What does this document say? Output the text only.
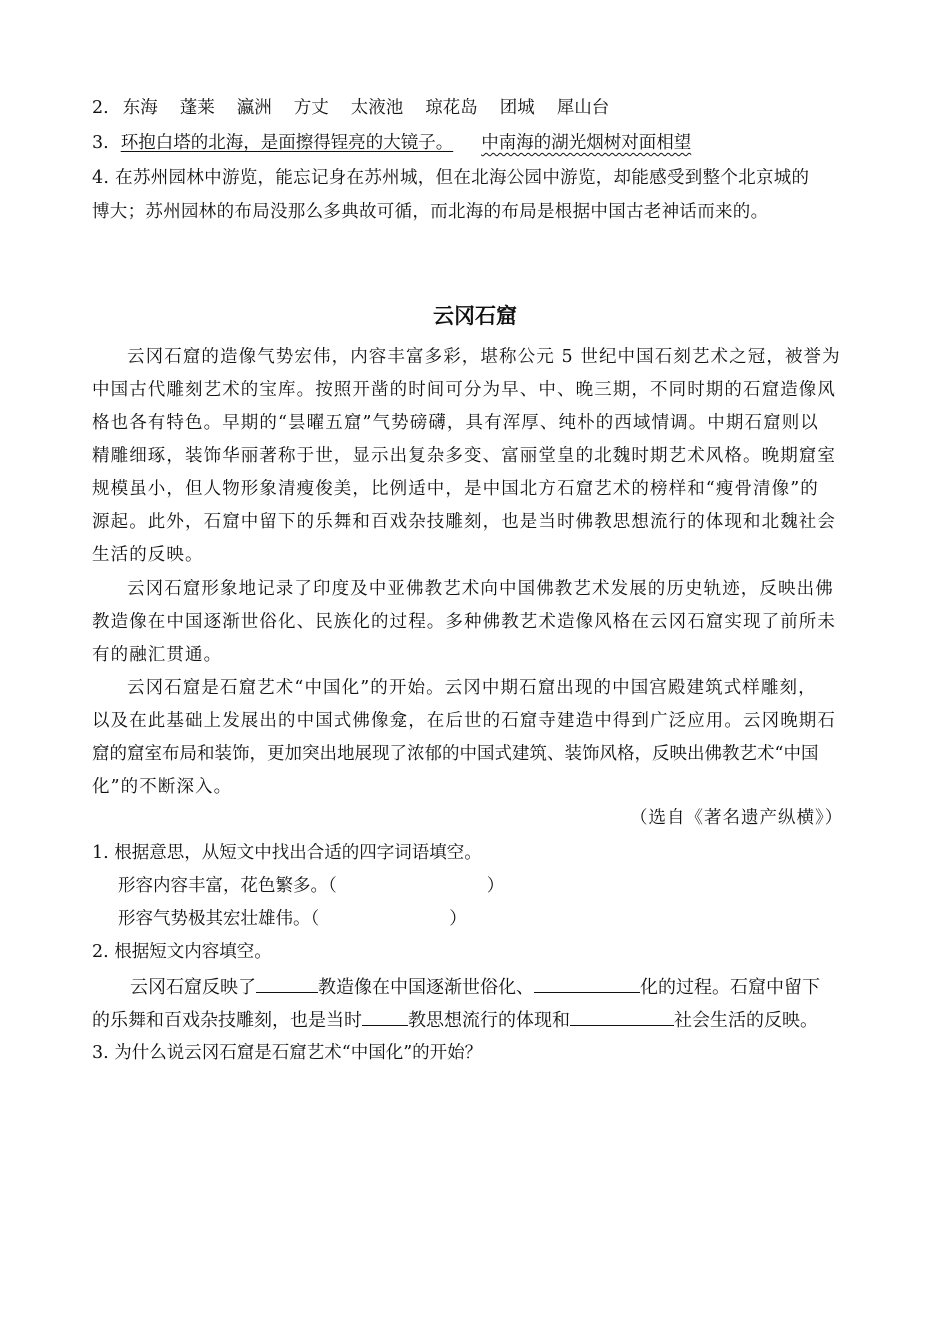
2. 东海 蓬莱 瀛洲 方丈 太液池 琼花岛 团城 犀山台
3. 环抱白塔的北海，是面擦得锃亮的大镜子。 中南海的湖光烟树对面相望
4. 在苏州园林中游览，能忘记身在苏州城，但在北海公园中游览，却能感受到整个北京城的
博大；苏州园林的布局没那么多典故可循，而北海的布局是根据中国古老神话而来的。
云冈石窟
云冈石窟的造像气势宏伟，内容丰富多彩，堪称公元 5 世纪中国石刻艺术之冠，被誉为
中国古代雕刻艺术的宝库。按照开凿的时间可分为早、中、晚三期，不同时期的石窟造像风
格也各有特色。早期的“昙曜五窟”气势磅礴，具有浑厚、纯朴的西域情调。中期石窟则以
精雕细琢，装饰华丽著称于世，显示出复杂多变、富丽堂皇的北魏时期艺术风格。晚期窟室
规模虽小，但人物形象清瘦俊美，比例适中，是中国北方石窟艺术的榜样和“瘦骨清像”的
源起。此外，石窟中留下的乐舞和百戏杂技雕刻，也是当时佛教思想流行的体现和北魏社会
生活的反映。
云冈石窟形象地记录了印度及中亚佛教艺术向中国佛教艺术发展的历史轨迹，反映出佛
教造像在中国逐渐世俗化、民族化的过程。多种佛教艺术造像风格在云冈石窟实现了前所未
有的融汇贯通。
云冈石窟是石窟艺术“中国化”的开始。云冈中期石窟出现的中国宫殿建筑式样雕刻，
以及在此基础上发展出的中国式佛像龛，在后世的石窟寺建造中得到广泛应用。云冈晚期石
窟的窟室布局和装饰，更加突出地展现了浓郁的中国式建筑、装饰风格，反映出佛教艺术“中国
化”的不断深入。
（选自《著名遗产纵横》）
1. 根据意思，从短文中找出合适的四字词语填空。
形容内容丰富，花色繁多。（	）
形容气势极其宏壮雄伟。（	）
2. 根据短文内容填空。
云冈石窟反映了	教造像在中国逐渐世俗化、	化的过程。石窟中留下
的乐舞和百戏杂技雕刻，也是当时	教思想流行的体现和	社会生活的反映。
3. 为什么说云冈石窟是石窟艺术“中国化”的开始？
